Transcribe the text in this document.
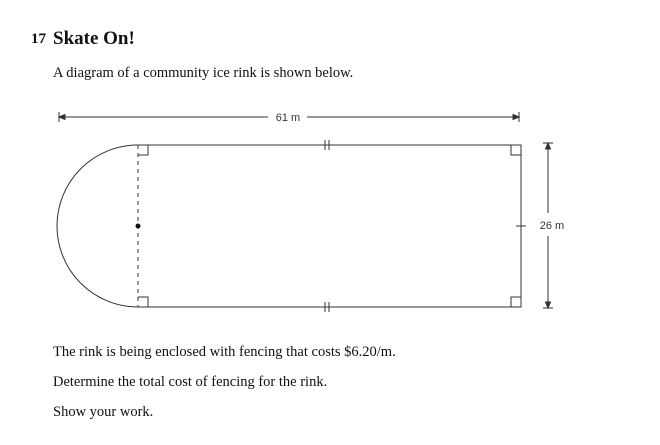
17 Skate On!
A diagram of a community ice rink is shown below.
61 m
26 m
The rink is being enclosed with fencing that costs $6.20/m.
Determine the total cost of fencing for the rink.
Show your work.
